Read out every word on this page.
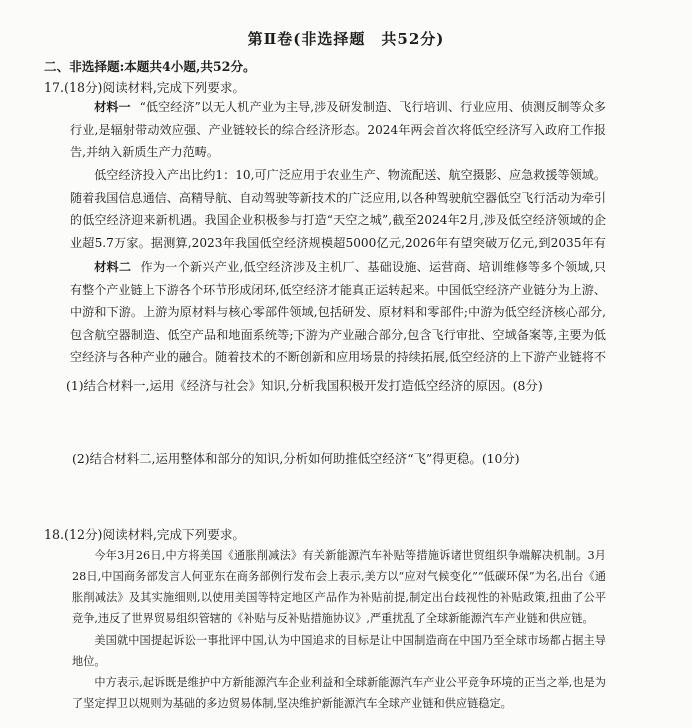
第Ⅱ卷(非选择题　共52分)
二、非选择题:本题共4小题,共52分。
17.(18分)阅读材料,完成下列要求。
材料一 “低空经济”以无人机产业为主导,涉及研发制造、飞行培训、行业应用、侦测反制等众多行业,是辐射带动效应强、产业链较长的综合经济形态。2024年两会首次将低空经济写入政府工作报告,并纳入新质生产力范畴。
低空经济投入产出比约1：10,可广泛应用于农业生产、物流配送、航空摄影、应急救援等领域。随着我国信息通信、高精导航、自动驾驶等新技术的广泛应用,以各种驾驶航空器低空飞行活动为牵引的低空经济迎来新机遇。我国企业积极参与打造“天空之城”,截至2024年2月,涉及低空经济领域的企业超5.7万家。据测算,2023年我国低空经济规模超5000亿元,2026年有望突破万亿元,到2035年有
材料二 作为一个新兴产业,低空经济涉及主机厂、基础设施、运营商、培训维修等多个领域,只有整个产业链上下游各个环节形成闭环,低空经济才能真正运转起来。中国低空经济产业链分为上游、中游和下游。上游为原材料与核心零部件领域,包括研发、原材料和零部件;中游为低空经济核心部分,包含航空器制造、低空产品和地面系统等;下游为产业融合部分,包含飞行审批、空域备案等,主要为低空经济与各种产业的融合。随着技术的不断创新和应用场景的持续拓展,低空经济的上下游产业链将不
(1)结合材料一,运用《经济与社会》知识,分析我国积极开发打造低空经济的原因。(8分)
(2)结合材料二,运用整体和部分的知识,分析如何助推低空经济“飞”得更稳。(10分)
18.(12分)阅读材料,完成下列要求。
今年3月26日,中方将美国《通胀削减法》有关新能源汽车补贴等措施诉诸世贸组织争端解决机制。3月28日,中国商务部发言人何亚东在商务部例行发布会上表示,美方以“应对气候变化”“低碳环保”为名,出台《通胀削减法》及其实施细则,以使用美国等特定地区产品作为补贴前提,制定出台歧视性的补贴政策,扭曲了公平竞争,违反了世界贸易组织管辖的《补贴与反补贴措施协议》,严重扰乱了全球新能源汽车产业链和供应链。
美国就中国提起诉讼一事批评中国,认为中国追求的目标是让中国制造商在中国乃至全球市场都占据主导地位。
中方表示,起诉既是维护中方新能源汽车企业利益和全球新能源汽车产业公平竞争环境的正当之举,也是为了坚定捍卫以规则为基础的多边贸易体制,坚决维护新能源汽车全球产业链和供应链稳定。
